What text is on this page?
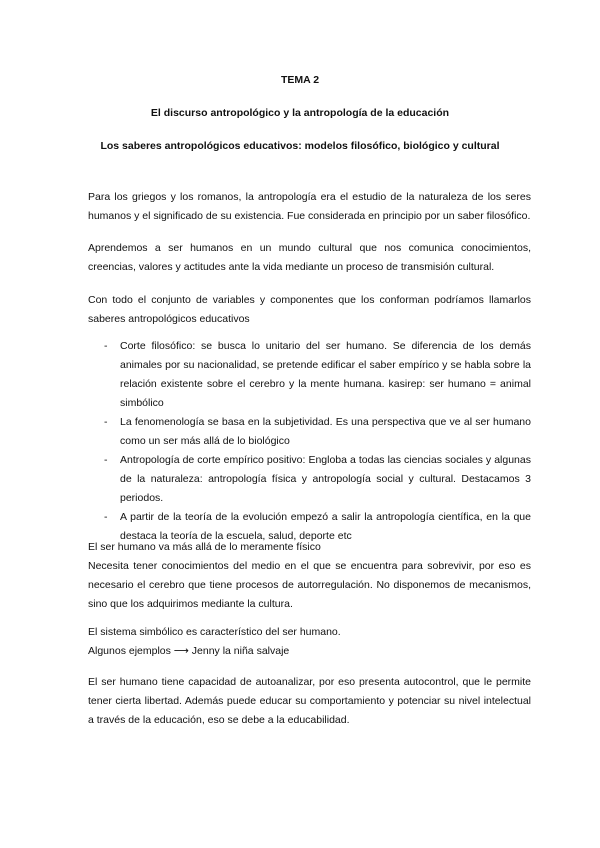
TEMA 2
El discurso antropológico y la antropología de la educación
Los saberes antropológicos educativos: modelos filosófico, biológico y cultural

Para los griegos y los romanos, la antropología era el estudio de la naturaleza de los seres humanos y el significado de su existencia. Fue considerada en principio por un saber filosófico.

Aprendemos a ser humanos en un mundo cultural que nos comunica conocimientos, creencias, valores y actitudes ante la vida mediante un proceso de transmisión cultural.

Con todo el conjunto de variables y componentes que los conforman podríamos llamarlos saberes antropológicos educativos

- Corte filosófico: se busca lo unitario del ser humano. Se diferencia de los demás animales por su nacionalidad, se pretende edificar el saber empírico y se habla sobre la relación existente sobre el cerebro y la mente humana. kasirep: ser humano = animal simbólico
- La fenomenología se basa en la subjetividad. Es una perspectiva que ve al ser humano como un ser más allá de lo biológico
- Antropología de corte empírico positivo: Engloba a todas las ciencias sociales y algunas de la naturaleza: antropología física y antropología social y cultural. Destacamos 3 periodos.
- A partir de la teoría de la evolución empezó a salir la antropología científica, en la que destaca la teoría de la escuela, salud, deporte etc
El ser humano va más allá de lo meramente físico
Necesita tener conocimientos del medio en el que se encuentra para sobrevivir, por eso es necesario el cerebro que tiene procesos de autorregulación. No disponemos de mecanismos, sino que los adquirimos mediante la cultura.
El sistema simbólico es característico del ser humano.
Algunos ejemplos ⟶ Jenny la niña salvaje

El ser humano tiene capacidad de autoanalizar, por eso presenta autocontrol, que le permite tener cierta libertad. Además puede educar su comportamiento y potenciar su nivel intelectual a través de la educación, eso se debe a la educabilidad.
